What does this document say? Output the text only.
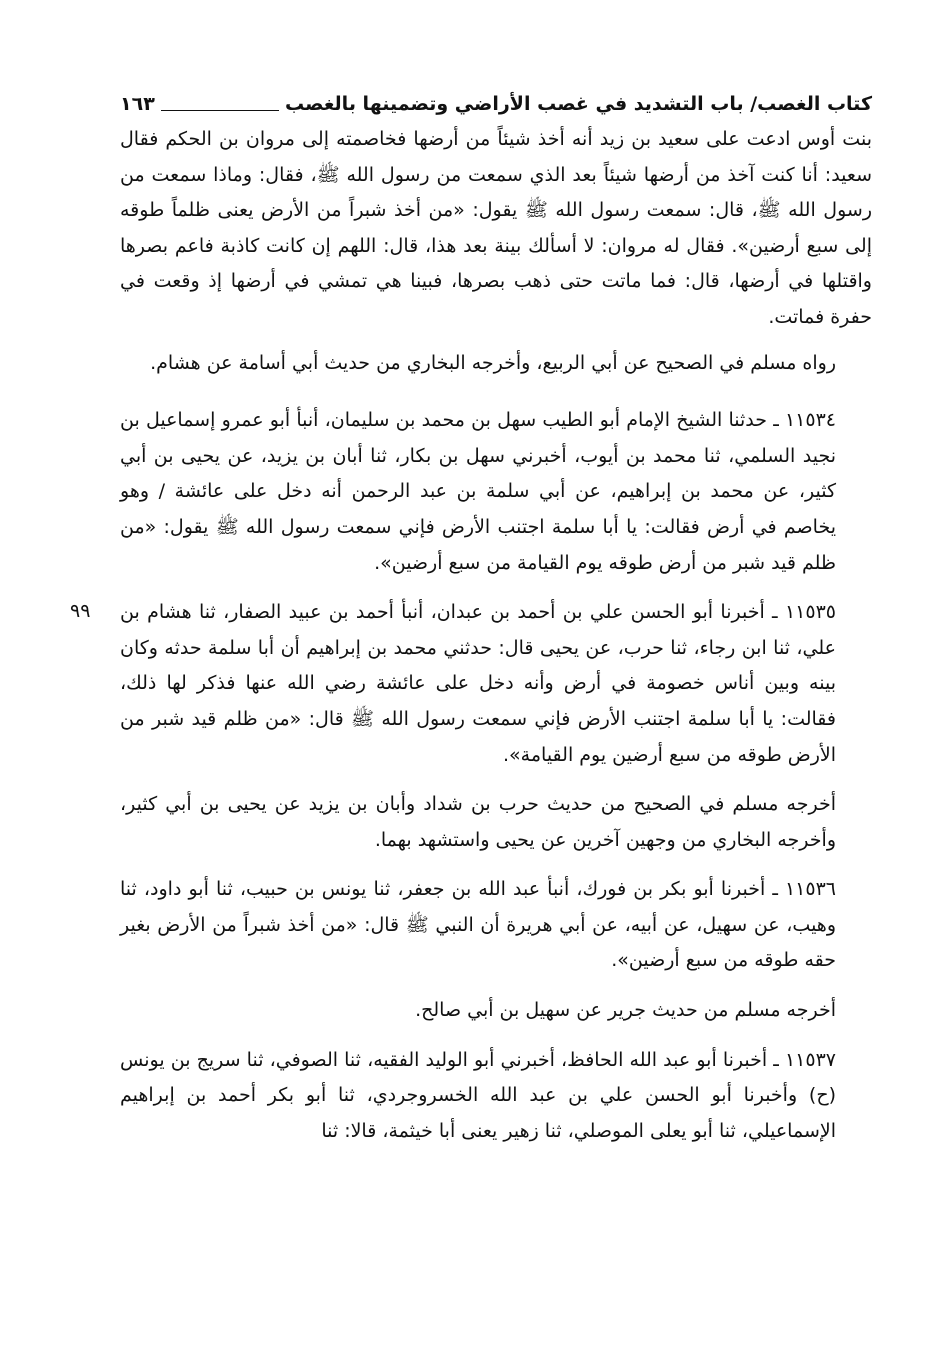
كتاب الغصب/ باب التشديد في غصب الأراضي وتضمينها بالغصب
١٦٣

بنت أوس ادعت على سعيد بن زيد أنه أخذ شيئاً من أرضها فخاصمته إلى مروان بن الحكم فقال سعيد: أنا كنت آخذ من أرضها شيئاً بعد الذي سمعت من رسول الله ﷺ، فقال: وماذا سمعت من رسول الله ﷺ، قال: سمعت رسول الله ﷺ يقول: «من أخذ شبراً من الأرض يعنى ظلماً طوقه إلى سبع أرضين». فقال له مروان: لا أسألك بينة بعد هذا، قال: اللهم إن كانت كاذبة فاعم بصرها واقتلها في أرضها، قال: فما ماتت حتى ذهب بصرها، فبينا هي تمشي في أرضها إذ وقعت في حفرة فماتت.

رواه مسلم في الصحيح عن أبي الربيع، وأخرجه البخاري من حديث أبي أسامة عن هشام.

١١٥٣٤ ـ حدثنا الشيخ الإمام أبو الطيب سهل بن محمد بن سليمان، أنبأ أبو عمرو إسماعيل بن نجيد السلمي، ثنا محمد بن أيوب، أخبرني سهل بن بكار، ثنا أبان بن يزيد، عن يحيى بن أبي كثير، عن محمد بن إبراهيم، عن أبي سلمة بن عبد الرحمن أنه دخل على عائشة / وهو يخاصم في أرض فقالت: يا أبا سلمة اجتنب الأرض فإني سمعت رسول الله ﷺ يقول: «من ظلم قيد شبر من أرض طوقه يوم القيامة من سبع أرضين».

١١٥٣٥ ـ أخبرنا أبو الحسن علي بن أحمد بن عبدان، أنبأ أحمد بن عبيد الصفار، ثنا هشام بن علي، ثنا ابن رجاء، ثنا حرب، عن يحيى قال: حدثني محمد بن إبراهيم أن أبا سلمة حدثه وكان بينه وبين أناس خصومة في أرض وأنه دخل على عائشة رضي الله عنها فذكر لها ذلك، فقالت: يا أبا سلمة اجتنب الأرض فإني سمعت رسول الله ﷺ قال: «من ظلم قيد شبر من الأرض طوقه من سبع أرضين يوم القيامة».

أخرجه مسلم في الصحيح من حديث حرب بن شداد وأبان بن يزيد عن يحيى بن أبي كثير، وأخرجه البخاري من وجهين آخرين عن يحيى واستشهد بهما.

١١٥٣٦ ـ أخبرنا أبو بكر بن فورك، أنبأ عبد الله بن جعفر، ثنا يونس بن حبيب، ثنا أبو داود، ثنا وهيب، عن سهيل، عن أبيه، عن أبي هريرة أن النبي ﷺ قال: «من أخذ شبراً من الأرض بغير حقه طوقه من سبع أرضين».

أخرجه مسلم من حديث جرير عن سهيل بن أبي صالح.

١١٥٣٧ ـ أخبرنا أبو عبد الله الحافظ، أخبرني أبو الوليد الفقيه، ثنا الصوفي، ثنا سريج بن يونس (ح) وأخبرنا أبو الحسن علي بن عبد الله الخسروجردي، ثنا أبو بكر أحمد بن إبراهيم الإسماعيلي، ثنا أبو يعلى الموصلي، ثنا زهير يعنى أبا خيثمة، قالا: ثنا

٩٩
